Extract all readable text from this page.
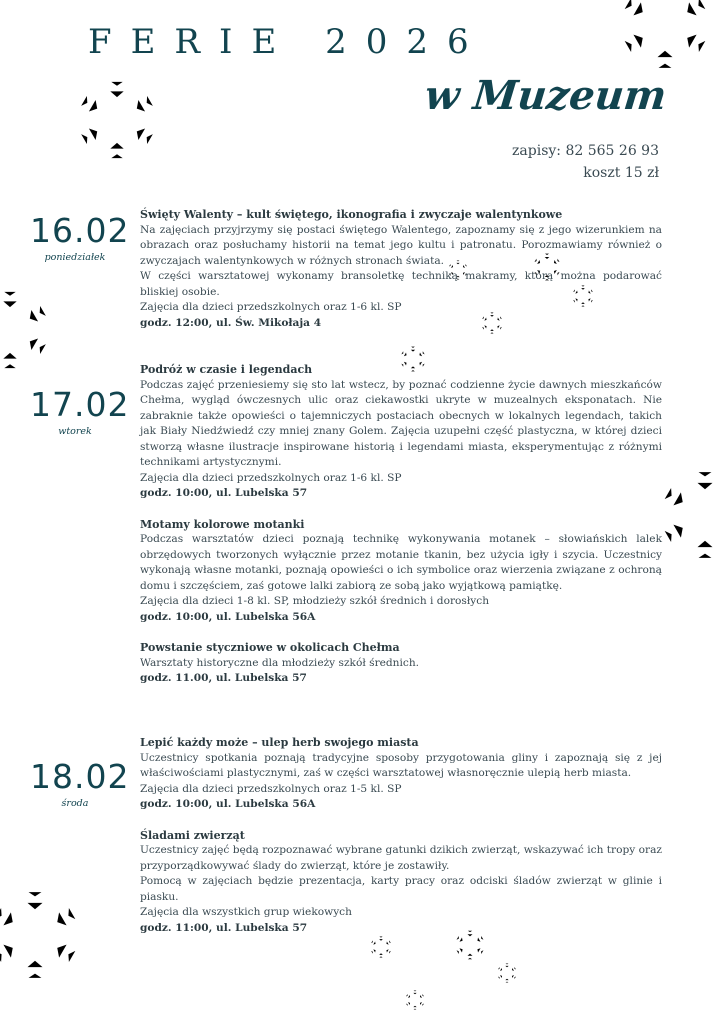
FERIE 2026
w Muzeum
zapisy: 82 565 26 93
koszt 15 zł
16.02
poniedziałek
Święty Walenty – kult świętego, ikonografia i zwyczaje walentynkowe

Na zajęciach przyjrzymy się postaci świętego Walentego, zapoznamy się z jego wizerunkiem na obrazach oraz posłuchamy historii na temat jego kultu i patronatu. Porozmawiamy również o zwyczajach walentynkowych w różnych stronach świata.

W części warsztatowej wykonamy bransoletkę techniką makramy, którą można podarować bliskiej osobie.

Zajęcia dla dzieci przedszkolnych oraz 1-6 kl. SP

godz. 12:00, ul. Św. Mikołaja 4

17.02
wtorek
Podróż w czasie i legendach

Podczas zajęć przeniesiemy się sto lat wstecz, by poznać codzienne życie dawnych mieszkańców Chełma, wygląd ówczesnych ulic oraz ciekawostki ukryte w muzealnych eksponatach. Nie zabraknie także opowieści o tajemniczych postaciach obecnych w lokalnych legendach, takich jak Biały Niedźwiedź czy mniej znany Golem. Zajęcia uzupełni część plastyczna, w której dzieci stworzą własne ilustracje inspirowane historią i legendami miasta, eksperymentując z różnymi technikami artystycznymi.

Zajęcia dla dzieci przedszkolnych oraz 1-6 kl. SP

godz. 10:00, ul. Lubelska 57

Motamy kolorowe motanki

Podczas warsztatów dzieci poznają technikę wykonywania motanek – słowiańskich lalek obrzędowych tworzonych wyłącznie przez motanie tkanin, bez użycia igły i szycia. Uczestnicy wykonają własne motanki, poznają opowieści o ich symbolice oraz wierzenia związane z ochroną domu i szczęściem, zaś gotowe lalki zabiorą ze sobą jako wyjątkową pamiątkę.

Zajęcia dla dzieci 1-8 kl. SP, młodzieży szkół średnich i dorosłych

godz. 10:00, ul. Lubelska 56A

Powstanie styczniowe w okolicach Chełma

Warsztaty historyczne dla młodzieży szkół średnich.

godz. 11.00, ul. Lubelska 57

18.02
środa
Lepić każdy może – ulep herb swojego miasta

Uczestnicy spotkania poznają tradycyjne sposoby przygotowania gliny i zapoznają się z jej właściwościami plastycznymi, zaś w części warsztatowej własnoręcznie ulepią herb miasta.

Zajęcia dla dzieci przedszkolnych oraz 1-5 kl. SP

godz. 10:00, ul. Lubelska 56A

Śladami zwierząt

Uczestnicy zajęć będą rozpoznawać wybrane gatunki dzikich zwierząt, wskazywać ich tropy oraz przyporządkowywać ślady do zwierząt, które je zostawiły.

Pomocą w zajęciach będzie prezentacja, karty pracy oraz odciski śladów zwierząt w glinie i piasku.

Zajęcia dla wszystkich grup wiekowych

godz. 11:00, ul. Lubelska 57
